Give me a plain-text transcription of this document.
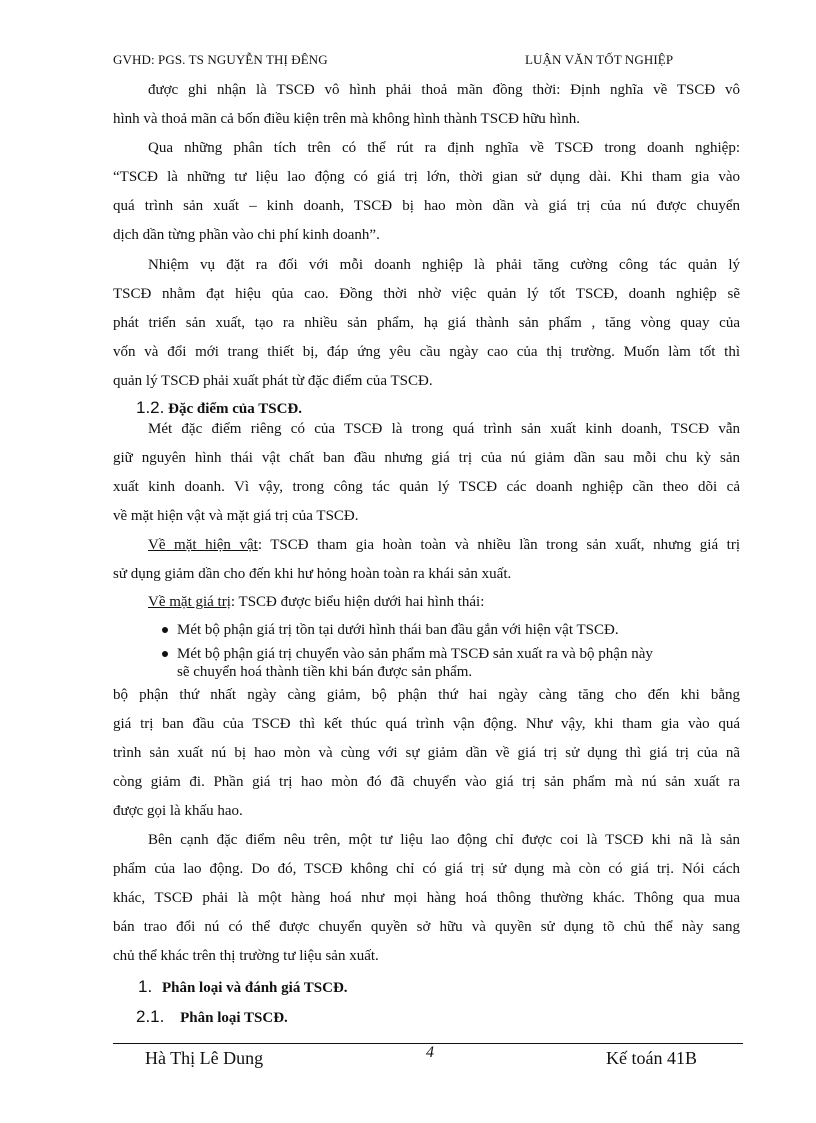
GVHD: PGS. TS NGUYỄN THỊ ĐÊNG	LUẬN VĂN TỐT NGHIỆP
được ghi nhận là TSCĐ vô hình phải thoả mãn đồng thời: Định nghĩa về TSCĐ vô
hình và thoả mãn cả bốn điều kiện trên mà không hình thành TSCĐ hữu hình.
Qua những phân tích trên có thể rút ra định nghĩa về TSCĐ trong doanh nghiệp:
“TSCĐ là những tư liệu lao động có giá trị lớn, thời gian sử dụng dài. Khi tham gia vào
quá trình sản xuất – kinh doanh, TSCĐ bị hao mòn dần và giá trị của nú được chuyển
dịch dần từng phần vào chi phí kinh doanh”.
Nhiệm vụ đặt ra đối với mỗi doanh nghiệp là phải tăng cường công tác quản lý
TSCĐ nhằm đạt hiệu qủa cao. Đồng thời nhờ việc quản lý tốt TSCĐ, doanh nghiệp sẽ
phát triển sản xuất, tạo ra nhiều sản phẩm, hạ giá thành sản phẩm , tăng vòng quay của
vốn và đổi mới trang thiết bị, đáp ứng yêu cầu ngày cao của thị trường. Muốn làm tốt thì
quản lý TSCĐ phải xuất phát từ đặc điểm của TSCĐ.
1.2. Đặc điểm của TSCĐ.
Mét đặc điểm riêng có của TSCĐ là trong quá trình sản xuất kinh doanh, TSCĐ vẫn
giữ nguyên hình thái vật chất ban đầu nhưng giá trị của nú giảm dần sau mỗi chu kỳ sản
xuất kinh doanh. Vì vậy, trong công tác quản lý TSCĐ các doanh nghiệp cần theo dõi cả
về mặt hiện vật và mặt giá trị của TSCĐ.
Về mặt hiện vật: TSCĐ tham gia hoàn toàn và nhiều lần trong sản xuất, nhưng giá trị
sử dụng giảm dần cho đến khi hư hỏng hoàn toàn ra khái sản xuất.
Về mặt giá trị: TSCĐ được biểu hiện dưới hai hình thái:
Mét bộ phận giá trị tồn tại dưới hình thái ban đầu gắn với hiện vật TSCĐ.
Mét bộ phận giá trị chuyển vào sản phẩm mà TSCĐ sản xuất ra và bộ phận này
sẽ chuyển hoá thành tiền khi bán được sản phẩm.
bộ phận thứ nhất ngày càng giảm, bộ phận thứ hai ngày càng tăng cho đến khi bằng
giá trị ban đầu của TSCĐ thì kết thúc quá trình vận động. Như vậy, khi tham gia vào quá
trình sản xuất nú bị hao mòn và cùng với sự giảm dần về giá trị sử dụng thì giá trị của nã
còng giảm đi. Phần giá trị hao mòn đó đã chuyển vào giá trị sản phẩm mà nú sản xuất ra
được gọi là khấu hao.
Bên cạnh đặc điểm nêu trên, một tư liệu lao động chỉ được coi là TSCĐ khi nã là sản
phẩm của lao động. Do đó, TSCĐ không chỉ có giá trị sử dụng mà còn có giá trị. Nói cách
khác, TSCĐ phải là một hàng hoá như mọi hàng hoá thông thường khác. Thông qua mua
bán trao đổi nú có thể được chuyển quyền sở hữu và quyền sử dụng tõ chủ thể này sang
chủ thể khác trên thị trường tư liệu sản xuất.
1. Phân loại và đánh giá TSCĐ.
2.1. Phân loại TSCĐ.
Hà Thị Lê Dung	4	Kế toán 41B
